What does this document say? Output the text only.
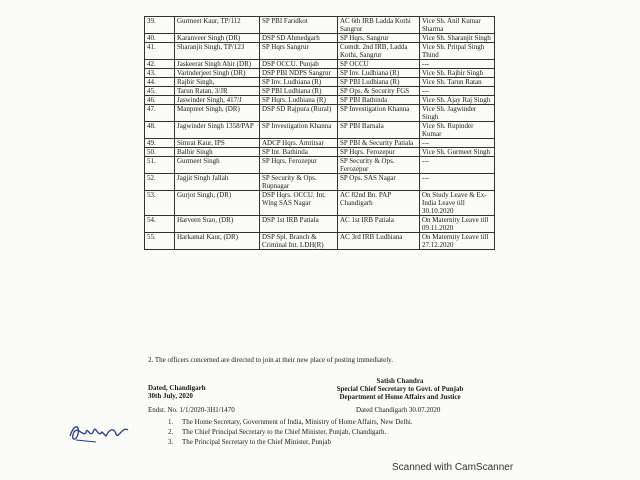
39.	Gurmeet Kaur, TP/112	SP PBI Faridkot	AC 6th IRB Ladda Kothi Sangrur	Vice Sh. Anil Kumar Sharma
40.	Karanveer Singh (DR)	DSP SD Ahmedgarh	SP Hqrs. Sangrur	Vice Sh. Sharanjit Singh
41.	Sharanjit Singh, TP/123	SP Hqrs Sangrur	Comdt. 2nd IRB, Ladda Kothi, Sangrur	Vice Sh. Pritpal Singh Thind
42.	Jaskeerat Singh Ahir (DR)	DSP OCCU. Punjab	SP OCCU	---
43.	Varinderjeet Singh (DR)	DSP PBI NDPS Sangrur	SP Inv. Ludhiana (R)	Vice Sh. Rajbir Singh
44.	Rajbir Singh,	SP Inv. Ludhiana (R)	SP PBI Ludhiana (R)	Vice Sh. Tarun Ratan
45.	Tarun Ratan, 3/JR	SP PBI Ludhiana (R)	SP Ops. & Security FGS	---
46.	Jaswinder Singh, 417/J	SP Hqrs. Ludhiana (R)	SP PBI Bathinda	Vice Sh. Ajay Raj Singh
47.	Manpreet Singh, (DR)	DSP SD Rajpura (Rural)	SP Investigation Khanna	Vice Sh. Jagwinder Singh
48.	Jagwinder Singh 1358/PAP	SP Investigation Khanna	SP PBI Barnala	Vice Sh. Rupinder Kumar
49.	Simrat Kaur, IPS	ADCP Hqrs. Amritsar	SP PBI & Security Patiala	---
50.	Balbir Singh	SP Int. Bathinda	SP Hqrs. Ferozepur	Vice Sh. Gurmeet Singh
51.	Gurmeet Singh	SP Hqrs. Ferozepur	SP Security & Ops. Ferozepur	---
52.	Jagjit Singh Jallah	SP Security & Ops. Rupnagar	SP Ops. SAS Nagar	---
53.	Gurjot Singh, (DR)	DSP Hqrs. OCCU. Int. Wing SAS Nagar	AC 82nd Bn. PAP Chandigarh	On Study Leave & Ex-India Leave till 30.10.2020
54.	Harveen Srao, (DR)	DSP 1st IRB Patiala	AC 1st IRB Patiala	On Maternity Leave till 09.11.2020
55.	Harkamal Kaur, (DR)	DSP Spl. Branch & Criminal Int. LDH(R)	AC 3rd IRB Ludhiana	On Maternity Leave till 27.12.2020
2. The officers concerned are directed to join at their new place of posting immediately.
Satish Chandra
Special Chief Secretary to Govt. of Punjab
Department of Home Affairs and Justice
Dated, Chandigarh
30th July, 2020
Endst. No. 1/1/2020-3H1/1470	Dated Chandigarh 30.07.2020
1.	The Home Secretary, Government of India, Ministry of Home Affairs, New Delhi.
2.	The Chief Principal Secretary to the Chief Minister, Punjab, Chandigarh.
3.	The Principal Secretary to the Chief Minister, Punjab
Scanned with CamScanner
